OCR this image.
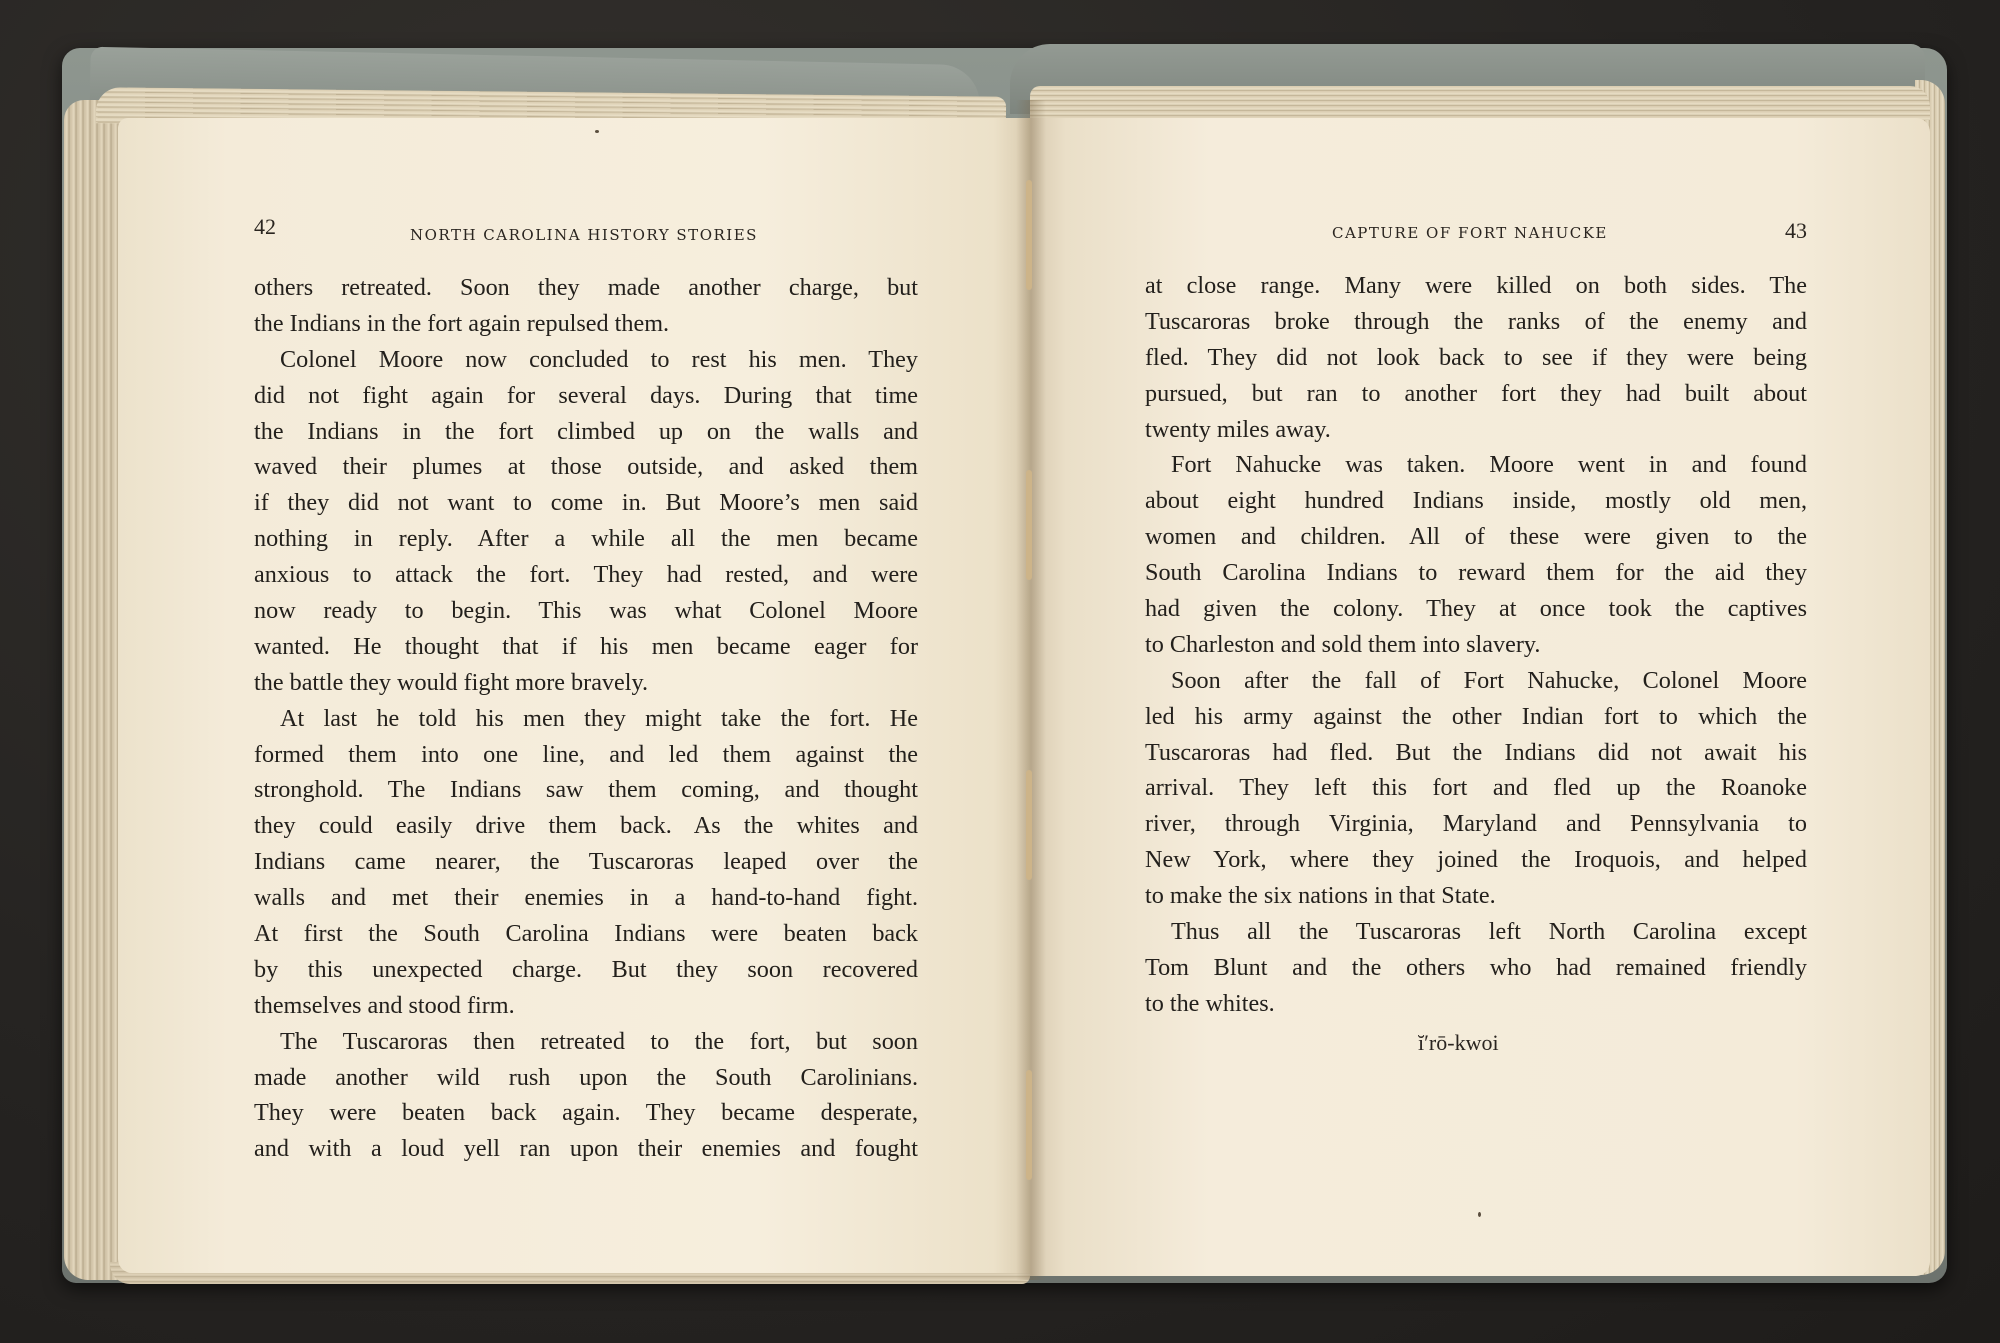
42	NORTH CAROLINA HISTORY STORIES	CAPTURE OF FORT NAHUCKE	43
others retreated. Soon they made another charge, but
the Indians in the fort again repulsed them.
Colonel Moore now concluded to rest his men. They
did not fight again for several days. During that time
the Indians in the fort climbed up on the walls and
waved their plumes at those outside, and asked them
if they did not want to come in. But Moore’s men said
nothing in reply. After a while all the men became
anxious to attack the fort. They had rested, and were
now ready to begin. This was what Colonel Moore
wanted. He thought that if his men became eager for
the battle they would fight more bravely.
At last he told his men they might take the fort. He
formed them into one line, and led them against the
stronghold. The Indians saw them coming, and thought
they could easily drive them back. As the whites and
Indians came nearer, the Tuscaroras leaped over the
walls and met their enemies in a hand-to-hand fight.
At first the South Carolina Indians were beaten back
by this unexpected charge. But they soon recovered
themselves and stood firm.
The Tuscaroras then retreated to the fort, but soon
made another wild rush upon the South Carolinians.
They were beaten back again. They became desperate,
and with a loud yell ran upon their enemies and fought
at close range. Many were killed on both sides. The
Tuscaroras broke through the ranks of the enemy and
fled. They did not look back to see if they were being
pursued, but ran to another fort they had built about
twenty miles away.
Fort Nahucke was taken. Moore went in and found
about eight hundred Indians inside, mostly old men,
women and children. All of these were given to the
South Carolina Indians to reward them for the aid they
had given the colony. They at once took the captives
to Charleston and sold them into slavery.
Soon after the fall of Fort Nahucke, Colonel Moore
led his army against the other Indian fort to which the
Tuscaroras had fled. But the Indians did not await his
arrival. They left this fort and fled up the Roanoke
river, through Virginia, Maryland and Pennsylvania to
New York, where they joined the Iroquois, and helped
to make the six nations in that State.
Thus all the Tuscaroras left North Carolina except
Tom Blunt and the others who had remained friendly
to the whites.
ĭ′rō-kwoi
